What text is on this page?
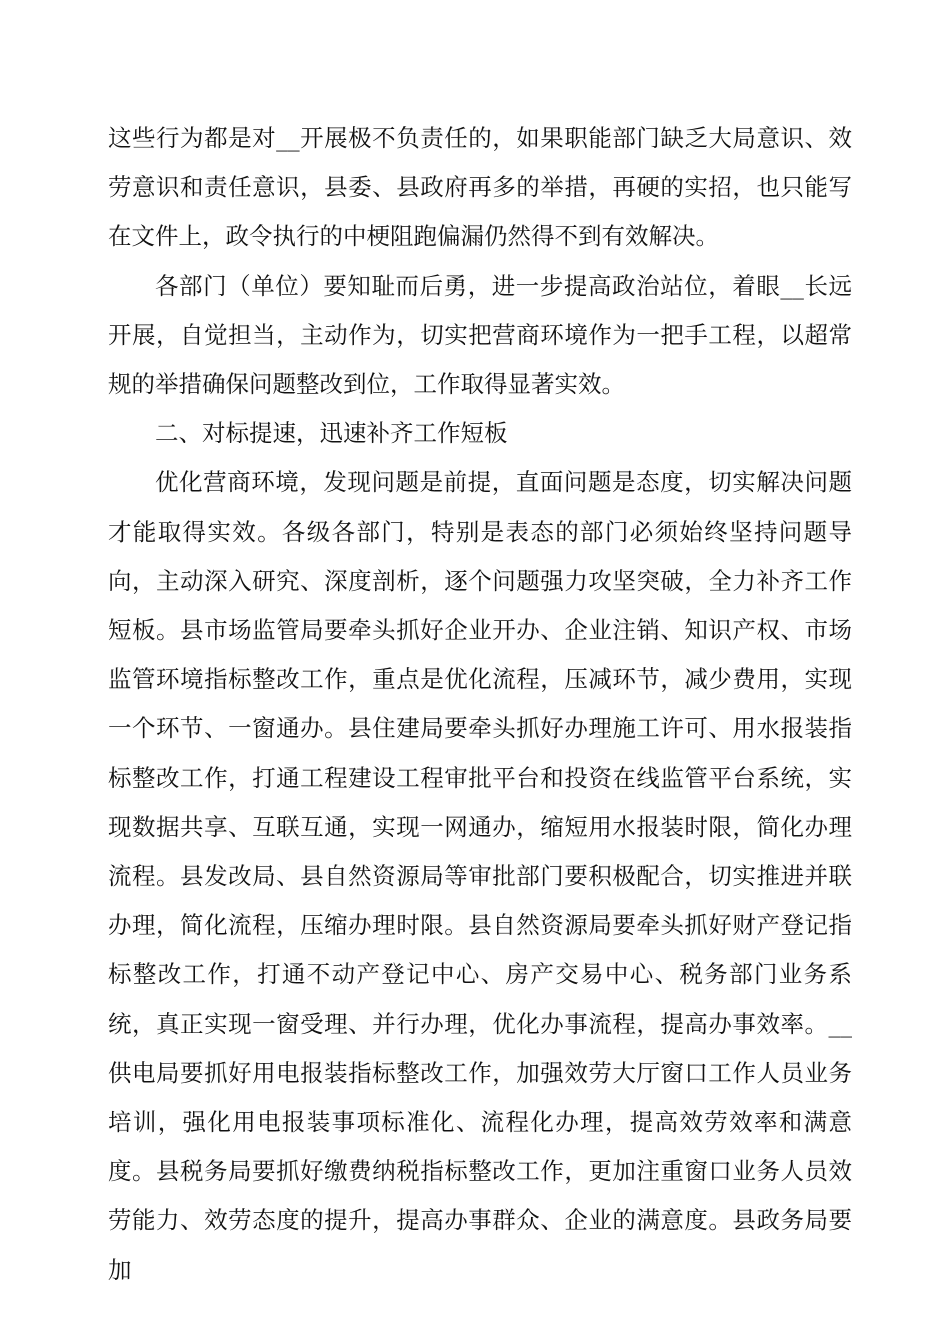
这些行为都是对__开展极不负责任的，如果职能部门缺乏大局意识、效劳意识和责任意识，县委、县政府再多的举措，再硬的实招，也只能写在文件上，政令执行的中梗阻跑偏漏仍然得不到有效解决。

各部门（单位）要知耻而后勇，进一步提高政治站位，着眼__长远开展，自觉担当，主动作为，切实把营商环境作为一把手工程，以超常规的举措确保问题整改到位，工作取得显著实效。

二、对标提速，迅速补齐工作短板

优化营商环境，发现问题是前提，直面问题是态度，切实解决问题才能取得实效。各级各部门，特别是表态的部门必须始终坚持问题导向，主动深入研究、深度剖析，逐个问题强力攻坚突破，全力补齐工作短板。县市场监管局要牵头抓好企业开办、企业注销、知识产权、市场监管环境指标整改工作，重点是优化流程，压减环节，减少费用，实现一个环节、一窗通办。县住建局要牵头抓好办理施工许可、用水报装指标整改工作，打通工程建设工程审批平台和投资在线监管平台系统，实现数据共享、互联互通，实现一网通办，缩短用水报装时限，简化办理流程。县发改局、县自然资源局等审批部门要积极配合，切实推进并联办理，简化流程，压缩办理时限。县自然资源局要牵头抓好财产登记指标整改工作，打通不动产登记中心、房产交易中心、税务部门业务系统，真正实现一窗受理、并行办理，优化办事流程，提高办事效率。__供电局要抓好用电报装指标整改工作，加强效劳大厅窗口工作人员业务培训，强化用电报装事项标准化、流程化办理，提高效劳效率和满意度。县税务局要抓好缴费纳税指标整改工作，更加注重窗口业务人员效劳能力、效劳态度的提升，提高办事群众、企业的满意度。县政务局要加
